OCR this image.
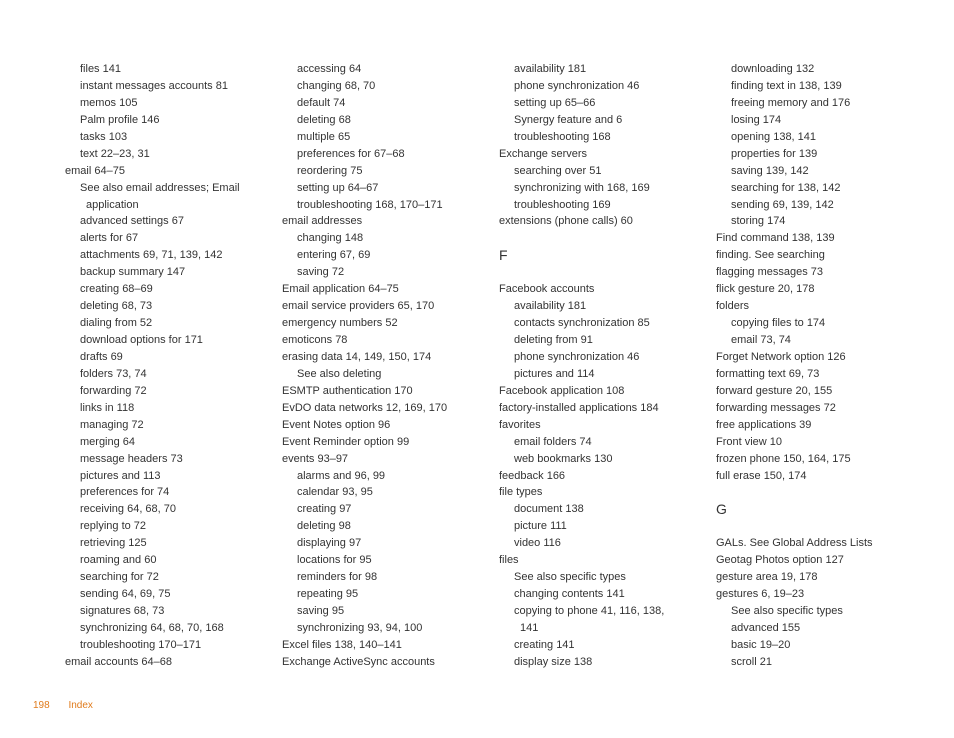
files 141
instant messages accounts 81
memos 105
Palm profile 146
tasks 103
text 22–23, 31
email 64–75
See also email addresses; Email
application
advanced settings 67
alerts for 67
attachments 69, 71, 139, 142
backup summary 147
creating 68–69
deleting 68, 73
dialing from 52
download options for 171
drafts 69
folders 73, 74
forwarding 72
links in 118
managing 72
merging 64
message headers 73
pictures and 113
preferences for 74
receiving 64, 68, 70
replying to 72
retrieving 125
roaming and 60
searching for 72
sending 64, 69, 75
signatures 68, 73
synchronizing 64, 68, 70, 168
troubleshooting 170–171
email accounts 64–68
accessing 64
changing 68, 70
default 74
deleting 68
multiple 65
preferences for 67–68
reordering 75
setting up 64–67
troubleshooting 168, 170–171
email addresses
changing 148
entering 67, 69
saving 72
Email application 64–75
email service providers 65, 170
emergency numbers 52
emoticons 78
erasing data 14, 149, 150, 174
See also deleting
ESMTP authentication 170
EvDO data networks 12, 169, 170
Event Notes option 96
Event Reminder option 99
events 93–97
alarms and 96, 99
calendar 93, 95
creating 97
deleting 98
displaying 97
locations for 95
reminders for 98
repeating 95
saving 95
synchronizing 93, 94, 100
Excel files 138, 140–141
Exchange ActiveSync accounts
availability 181
phone synchronization 46
setting up 65–66
Synergy feature and 6
troubleshooting 168
Exchange servers
searching over 51
synchronizing with 168, 169
troubleshooting 169
extensions (phone calls) 60
F
Facebook accounts
availability 181
contacts synchronization 85
deleting from 91
phone synchronization 46
pictures and 114
Facebook application 108
factory-installed applications 184
favorites
email folders 74
web bookmarks 130
feedback 166
file types
document 138
picture 111
video 116
files
See also specific types
changing contents 141
copying to phone 41, 116, 138,
141
creating 141
display size 138
downloading 132
finding text in 138, 139
freeing memory and 176
losing 174
opening 138, 141
properties for 139
saving 139, 142
searching for 138, 142
sending 69, 139, 142
storing 174
Find command 138, 139
finding. See searching
flagging messages 73
flick gesture 20, 178
folders
copying files to 174
email 73, 74
Forget Network option 126
formatting text 69, 73
forward gesture 20, 155
forwarding messages 72
free applications 39
Front view 10
frozen phone 150, 164, 175
full erase 150, 174
G
GALs. See Global Address Lists
Geotag Photos option 127
gesture area 19, 178
gestures 6, 19–23
See also specific types
advanced 155
basic 19–20
scroll 21
198 Index
